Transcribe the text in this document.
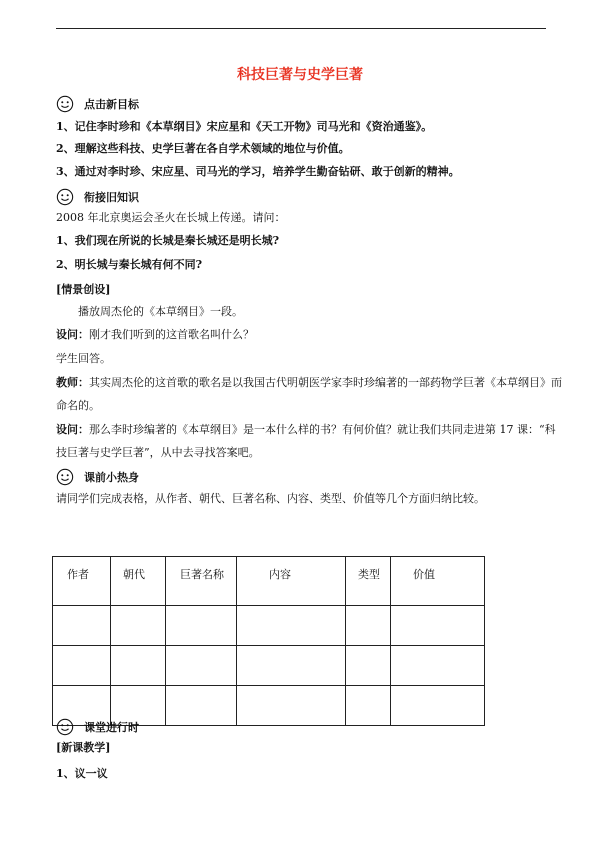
科技巨著与史学巨著
点击新目标
1、记住李时珍和《本草纲目》宋应星和《天工开物》司马光和《资治通鉴》。
2、理解这些科技、史学巨著在各自学术领域的地位与价值。
3、通过对李时珍、宋应星、司马光的学习，培养学生勤奋钻研、敢于创新的精神。
衔接旧知识
2008 年北京奥运会圣火在长城上传递。请问：
1、我们现在所说的长城是秦长城还是明长城?
2、明长城与秦长城有何不同?
[情景创设]
播放周杰伦的《本草纲目》一段。
设问：刚才我们听到的这首歌名叫什么？
学生回答。
教师：其实周杰伦的这首歌的歌名是以我国古代明朝医学家李时珍编著的一部药物学巨著《本草纲目》而
命名的。
设问：那么李时珍编著的《本草纲目》是一本什么样的书？有何价值？就让我们共同走进第 17 课：“科
技巨著与史学巨著”，从中去寻找答案吧。
课前小热身
请同学们完成表格，从作者、朝代、巨著名称、内容、类型、价值等几个方面归纳比较。
作者	朝代	巨著名称	内容	类型	价值

课堂进行时
[新课教学]
1、议一议
